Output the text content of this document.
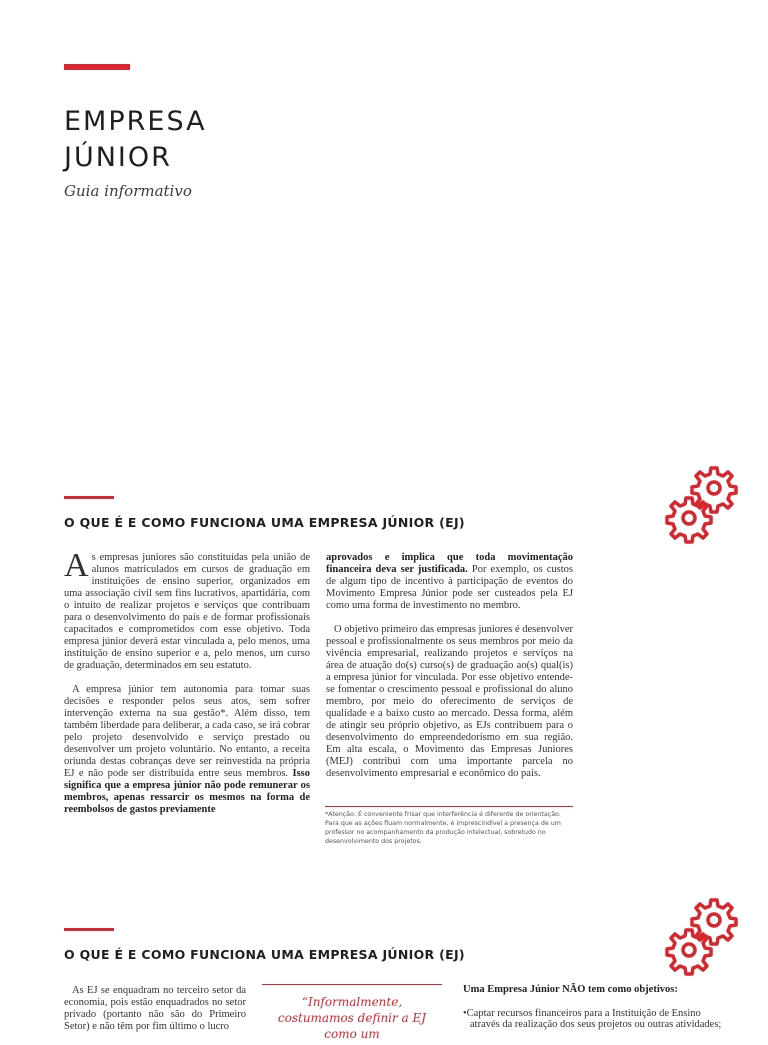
EMPRESA
JÚNIOR
Guia informativo
O QUE É E COMO FUNCIONA UMA EMPRESA JÚNIOR (EJ)

As empresas juniores são constituídas pela união de alunos matriculados em cursos de graduação em instituições de ensino superior, organizados em uma associação civil sem fins lucrativos, apartidária, com o intuito de realizar projetos e serviços que contribuam para o desenvolvimento do país e de formar profissionais capacitados e comprometidos com esse objetivo. Toda empresa júnior deverá estar vinculada a, pelo menos, uma instituição de ensino superior e a, pelo menos, um curso de graduação, determinados em seu estatuto.

A empresa júnior tem autonomia para tomar suas decisões e responder pelos seus atos, sem sofrer intervenção externa na sua gestão*. Além disso, tem também liberdade para deliberar, a cada caso, se irá cobrar pelo projeto desenvolvido e serviço prestado ou desenvolver um projeto voluntário. No entanto, a receita oriunda destas cobranças deve ser reinvestida na própria EJ e não pode ser distribuída entre seus membros. Isso significa que a empresa júnior não pode remunerar os membros, apenas ressarcir os mesmos na forma de reembolsos de gastos previamente

aprovados e implica que toda movimentação financeira deva ser justificada. Por exemplo, os custos de algum tipo de incentivo à participação de eventos do Movimento Empresa Júnior pode ser custeados pela EJ como uma forma de investimento no membro.

O objetivo primeiro das empresas juniores é desenvolver pessoal e profissionalmente os seus membros por meio da vivência empresarial, realizando projetos e serviços na área de atuação do(s) curso(s) de graduação ao(s) qual(is) a empresa júnior for vinculada. Por esse objetivo entende-se fomentar o crescimento pessoal e profissional do aluno membro, por meio do oferecimento de serviços de qualidade e a baixo custo ao mercado. Dessa forma, além de atingir seu próprio objetivo, as EJs contribuem para o desenvolvimento do empreendedorismo em sua região. Em alta escala, o Movimento das Empresas Juniores (MEJ) contribui com uma importante parcela no desenvolvimento empresarial e econômico do país.

*Atenção: É conveniente frisar que interferência é diferente de orientação. Para que as ações fluam normalmente, é imprescindível a presença de um professor no acompanhamento da produção intelectual, sobretudo no desenvolvimento dos projetos.
O QUE É E COMO FUNCIONA UMA EMPRESA JÚNIOR (EJ)

As EJ se enquadram no terceiro setor da economia, pois estão enquadrados no setor privado (portanto não são do Primeiro Setor) e não têm por fim último o lucro

“Informalmente, costumamos definir a EJ como um
Uma Empresa Júnior NÃO tem como objetivos:
•Captar recursos financeiros para a Instituição de Ensino
através da realização dos seus projetos ou outras atividades;
